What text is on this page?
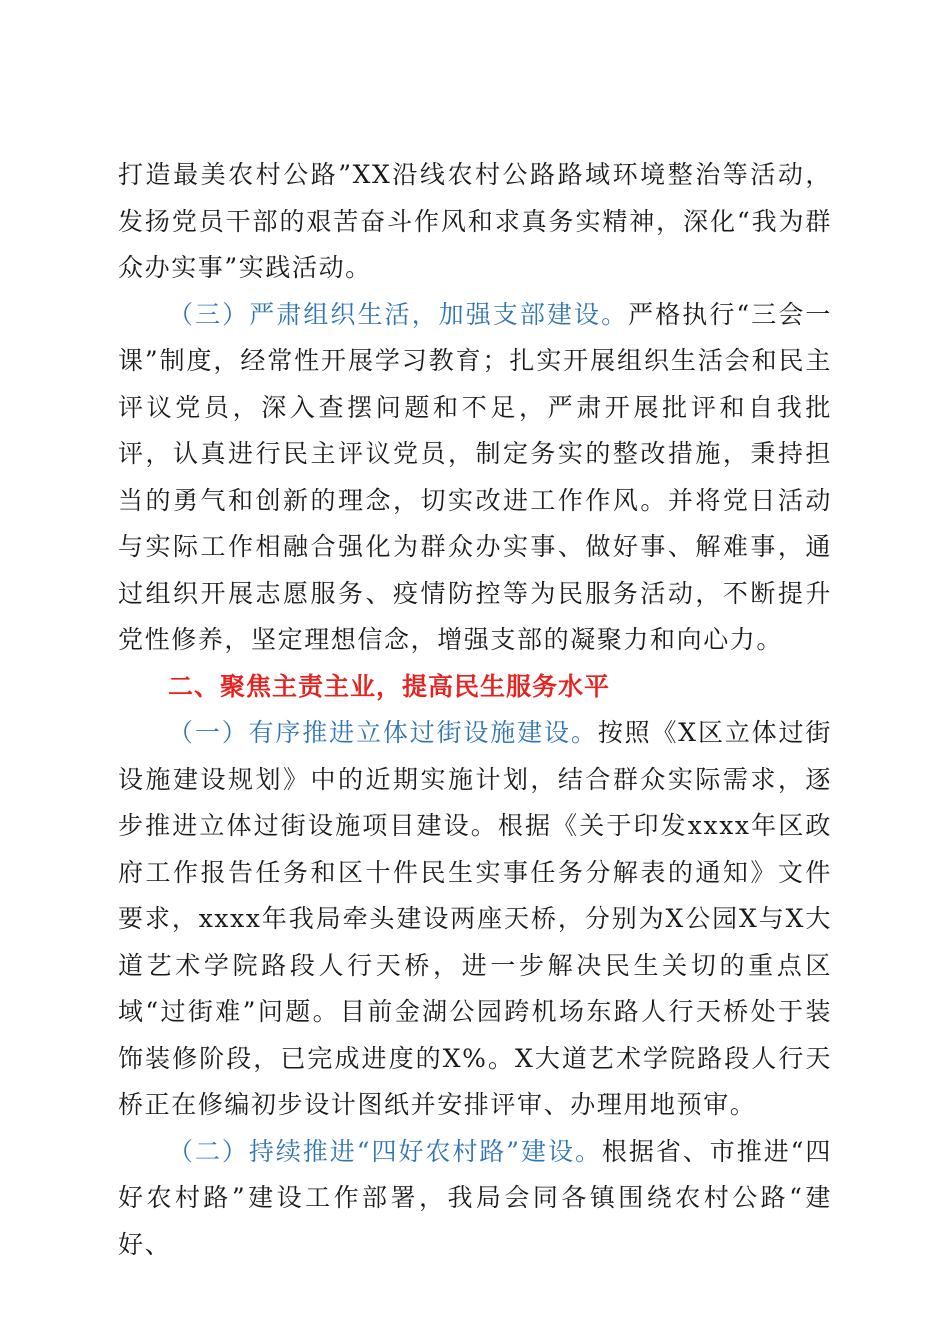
打造最美农村公路”XX沿线农村公路路域环境整治等活动，发扬党员干部的艰苦奋斗作风和求真务实精神，深化“我为群众办实事”实践活动。

（三）严肃组织生活，加强支部建设。严格执行“三会一课”制度，经常性开展学习教育；扎实开展组织生活会和民主评议党员，深入查摆问题和不足，严肃开展批评和自我批评，认真进行民主评议党员，制定务实的整改措施，秉持担当的勇气和创新的理念，切实改进工作作风。并将党日活动与实际工作相融合强化为群众办实事、做好事、解难事，通过组织开展志愿服务、疫情防控等为民服务活动，不断提升党性修养，坚定理想信念，增强支部的凝聚力和向心力。

二、聚焦主责主业，提高民生服务水平

（一）有序推进立体过街设施建设。按照《X区立体过街设施建设规划》中的近期实施计划，结合群众实际需求，逐步推进立体过街设施项目建设。根据《关于印发xxxx年区政府工作报告任务和区十件民生实事任务分解表的通知》文件要求，xxxx年我局牵头建设两座天桥，分别为X公园X与X大道艺术学院路段人行天桥，进一步解决民生关切的重点区域“过街难”问题。目前金湖公园跨机场东路人行天桥处于装饰装修阶段，已完成进度的X%。X大道艺术学院路段人行天桥正在修编初步设计图纸并安排评审、办理用地预审。

（二）持续推进“四好农村路”建设。根据省、市推进“四好农村路”建设工作部署，我局会同各镇围绕农村公路“建好、
